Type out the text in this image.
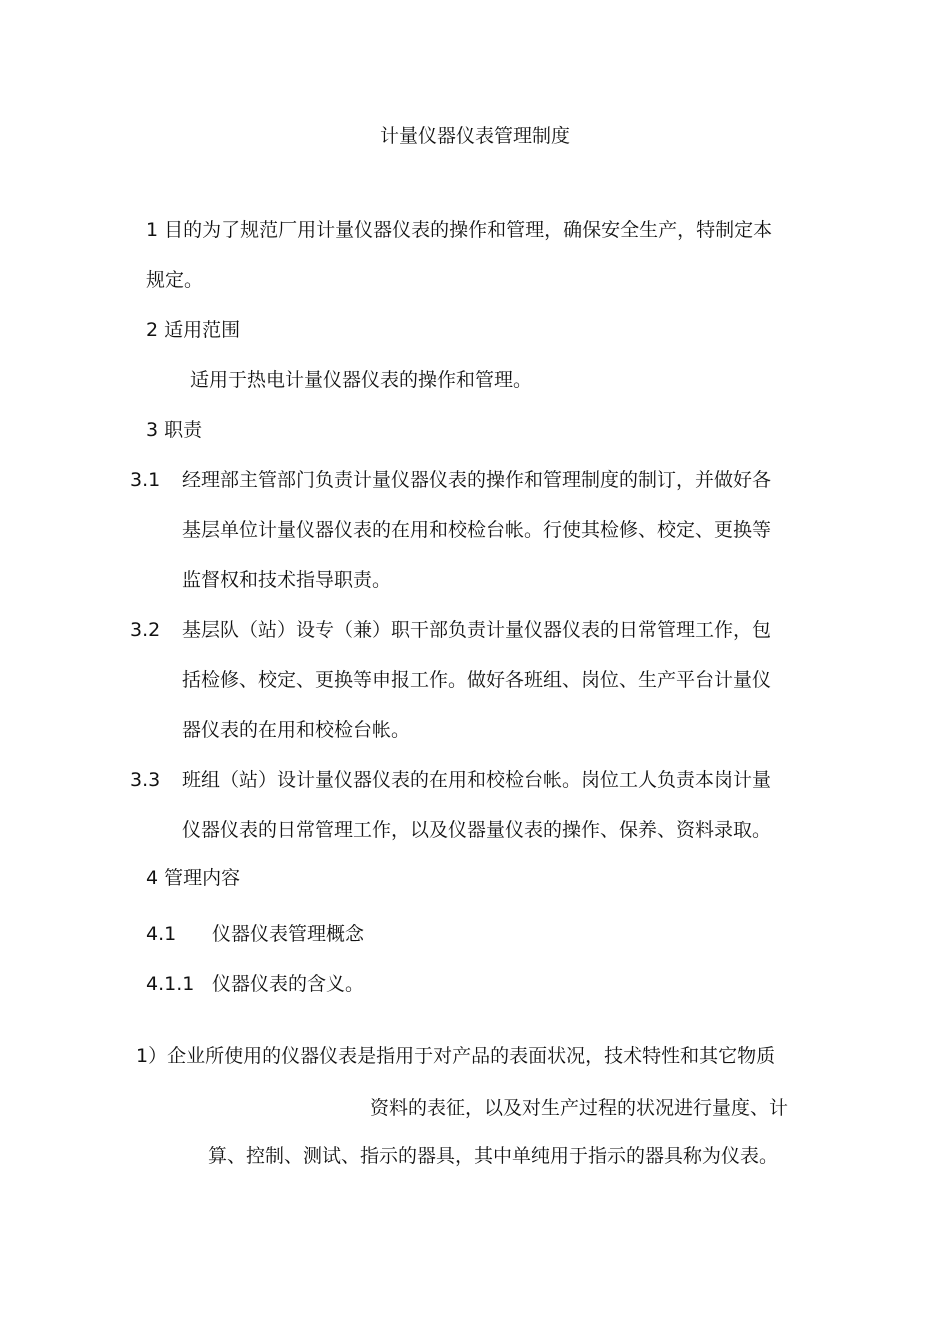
计量仪器仪表管理制度
1 目的为了规范厂用计量仪器仪表的操作和管理，确保安全生产，特制定本
规定。
2 适用范围
适用于热电计量仪器仪表的操作和管理。
3 职责
3.1 经理部主管部门负责计量仪器仪表的操作和管理制度的制订，并做好各
基层单位计量仪器仪表的在用和校检台帐。行使其检修、校定、更换等
监督权和技术指导职责。
3.2 基层队（站）设专（兼）职干部负责计量仪器仪表的日常管理工作，包
括检修、校定、更换等申报工作。做好各班组、岗位、生产平台计量仪
器仪表的在用和校检台帐。
3.3 班组（站）设计量仪器仪表的在用和校检台帐。岗位工人负责本岗计量
仪器仪表的日常管理工作，以及仪器量仪表的操作、保养、资料录取。
4 管理内容
4.1 仪器仪表管理概念
4.1.1 仪器仪表的含义。
1）企业所使用的仪器仪表是指用于对产品的表面状况，技术特性和其它物质
资料的表征，以及对生产过程的状况进行量度、计
算、控制、测试、指示的器具，其中单纯用于指示的器具称为仪表。
